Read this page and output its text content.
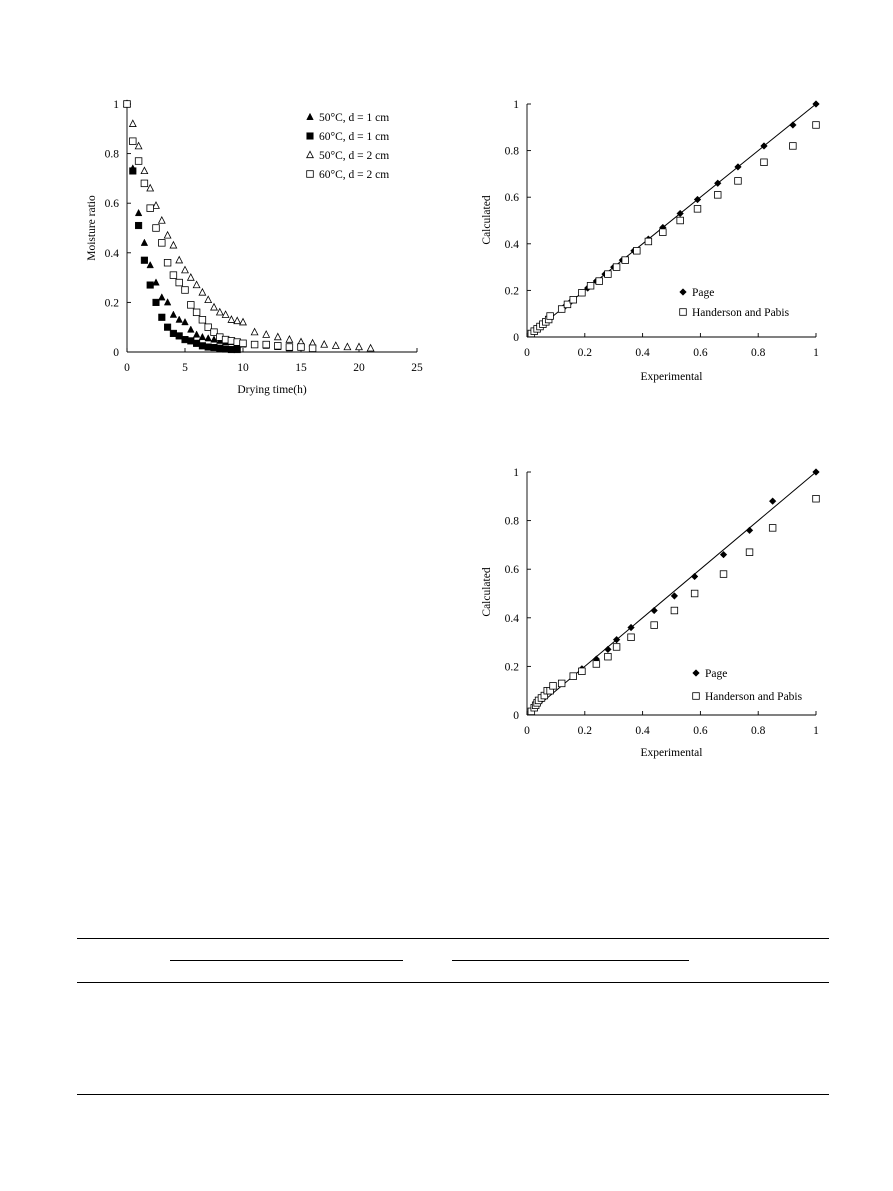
0	5	10	15	20	25
0
0.2
0.4
0.6
0.8
1
Drying time(h)
Moisture ratio
50°C, d = 1 cm
60°C, d = 1 cm
50°C, d = 2 cm
60°C, d = 2 cm
0	0.2	0.4	0.6	0.8	1
0
0.2
0.4
0.6
0.8
1
Experimental
Calculated
Page
Handerson and Pabis
0	0.2	0.4	0.6	0.8	1
0
0.2
0.4
0.6
0.8
1
Experimental
Calculated
Page
Handerson and Pabis
